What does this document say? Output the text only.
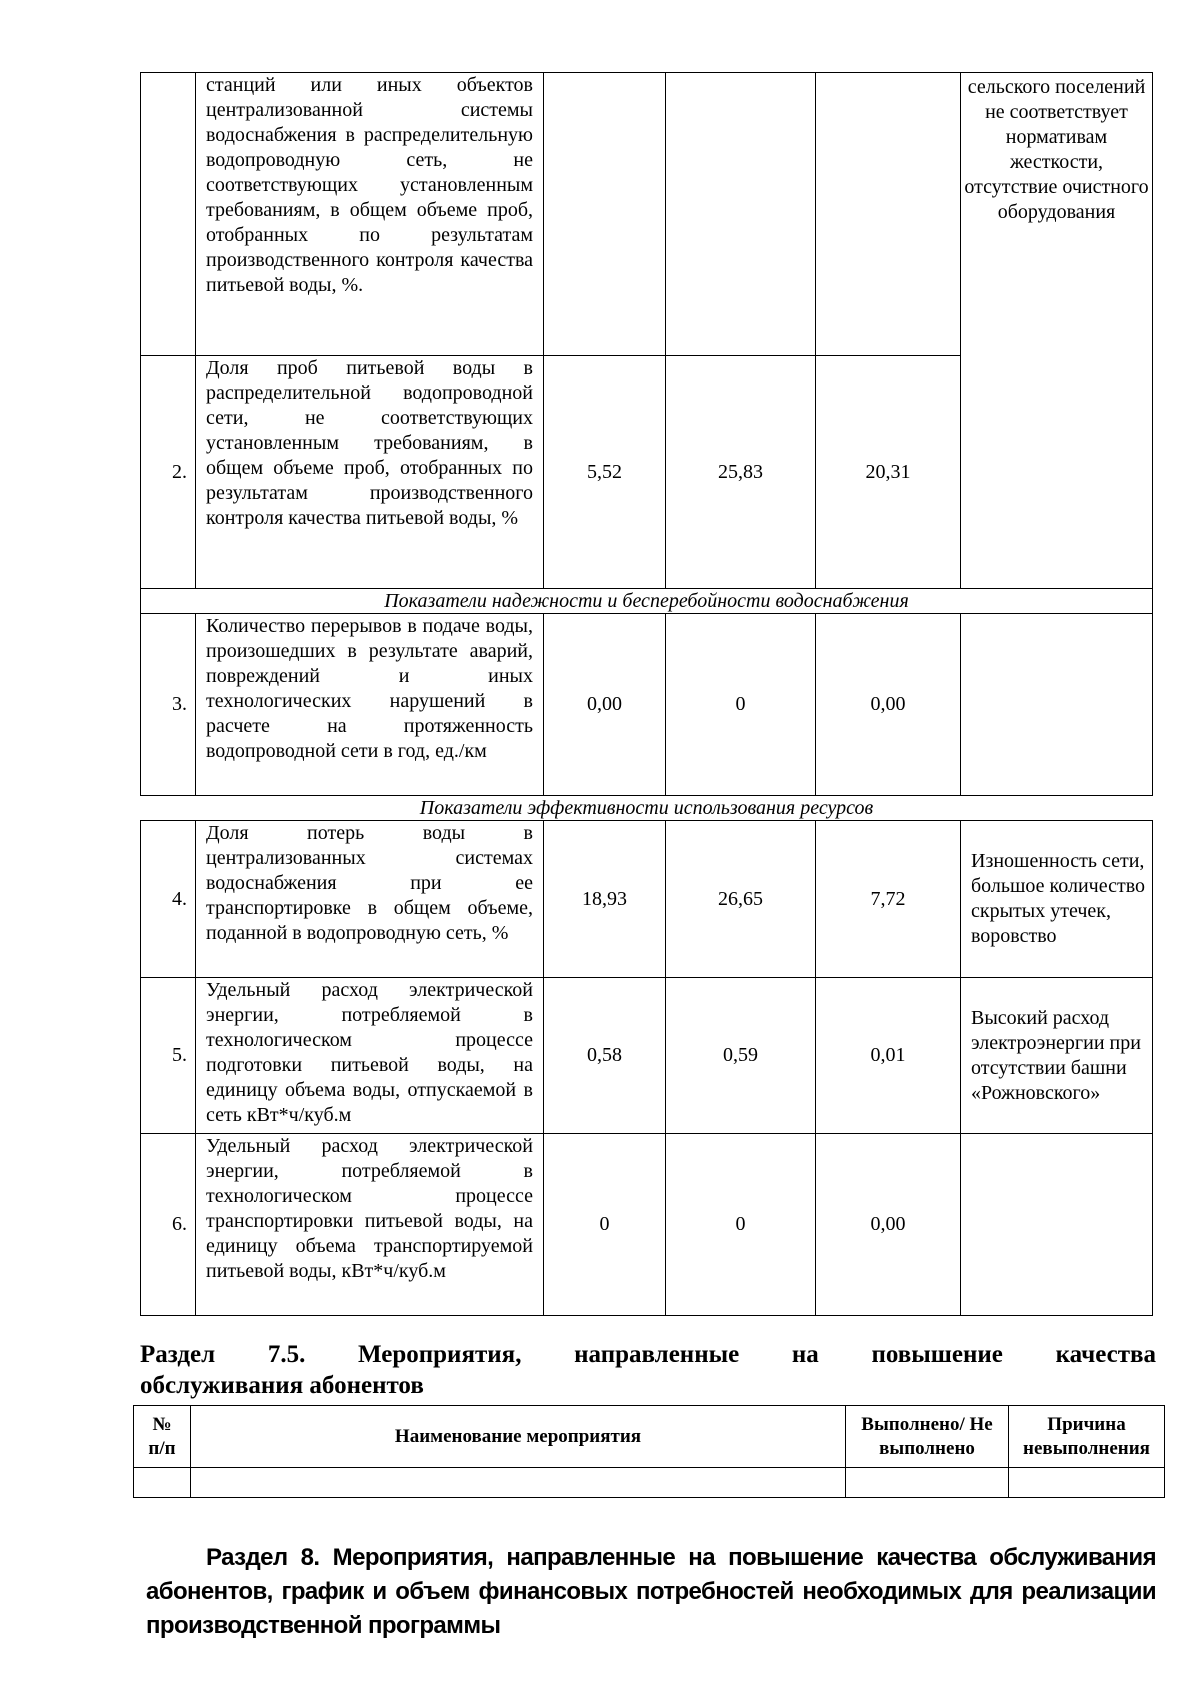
	станций или иных объектов централизованной системы водоснабжения в распределительную водопроводную сеть, не соответствующих установленным требованиям, в общем объеме проб, отобранных по результатам производственного контроля качества питьевой воды, %.				сельского поселений не соответствует нормативам жесткости, отсутствие очистного оборудования
2.	Доля проб питьевой воды в распределительной водопроводной сети, не соответствующих установленным требованиям, в общем объеме проб, отобранных по результатам производственного контроля качества питьевой воды, %	5,52	25,83	20,31	
Показатели надежности и бесперебойности водоснабжения					
3.	Количество перерывов в подаче воды, произошедших в результате аварий, повреждений и иных технологических нарушений в расчете на протяженность водопроводной сети в год, ед./км	0,00	0	0,00	
Показатели эффективности использования ресурсов					
4.	Доля потерь воды в централизованных системах водоснабжения при ее транспортировке в общем объеме, поданной в водопроводную сеть, %	18,93	26,65	7,72	Изношенность сети, большое количество скрытых утечек, воровство
5.	Удельный расход электрической энергии, потребляемой в технологическом процессе подготовки питьевой воды, на единицу объема воды, отпускаемой в сеть кВт*ч/куб.м	0,58	0,59	0,01	Высокий расход электроэнергии при отсутствии башни «Рожновского»
6.	Удельный расход электрической энергии, потребляемой в технологическом процессе транспортировки питьевой воды, на единицу объема транспортируемой питьевой воды, кВт*ч/куб.м	0	0	0,00	
Раздел 7.5. Мероприятия, направленные на повышение качества
обслуживания абонентов
№ п/п	Наименование мероприятия	Выполнено/ Не выполнено	Причина невыполнения

Раздел 8. Мероприятия, направленные на повышение качества обслуживания
абонентов, график и объем финансовых потребностей необходимых для реализации
производственной программы
